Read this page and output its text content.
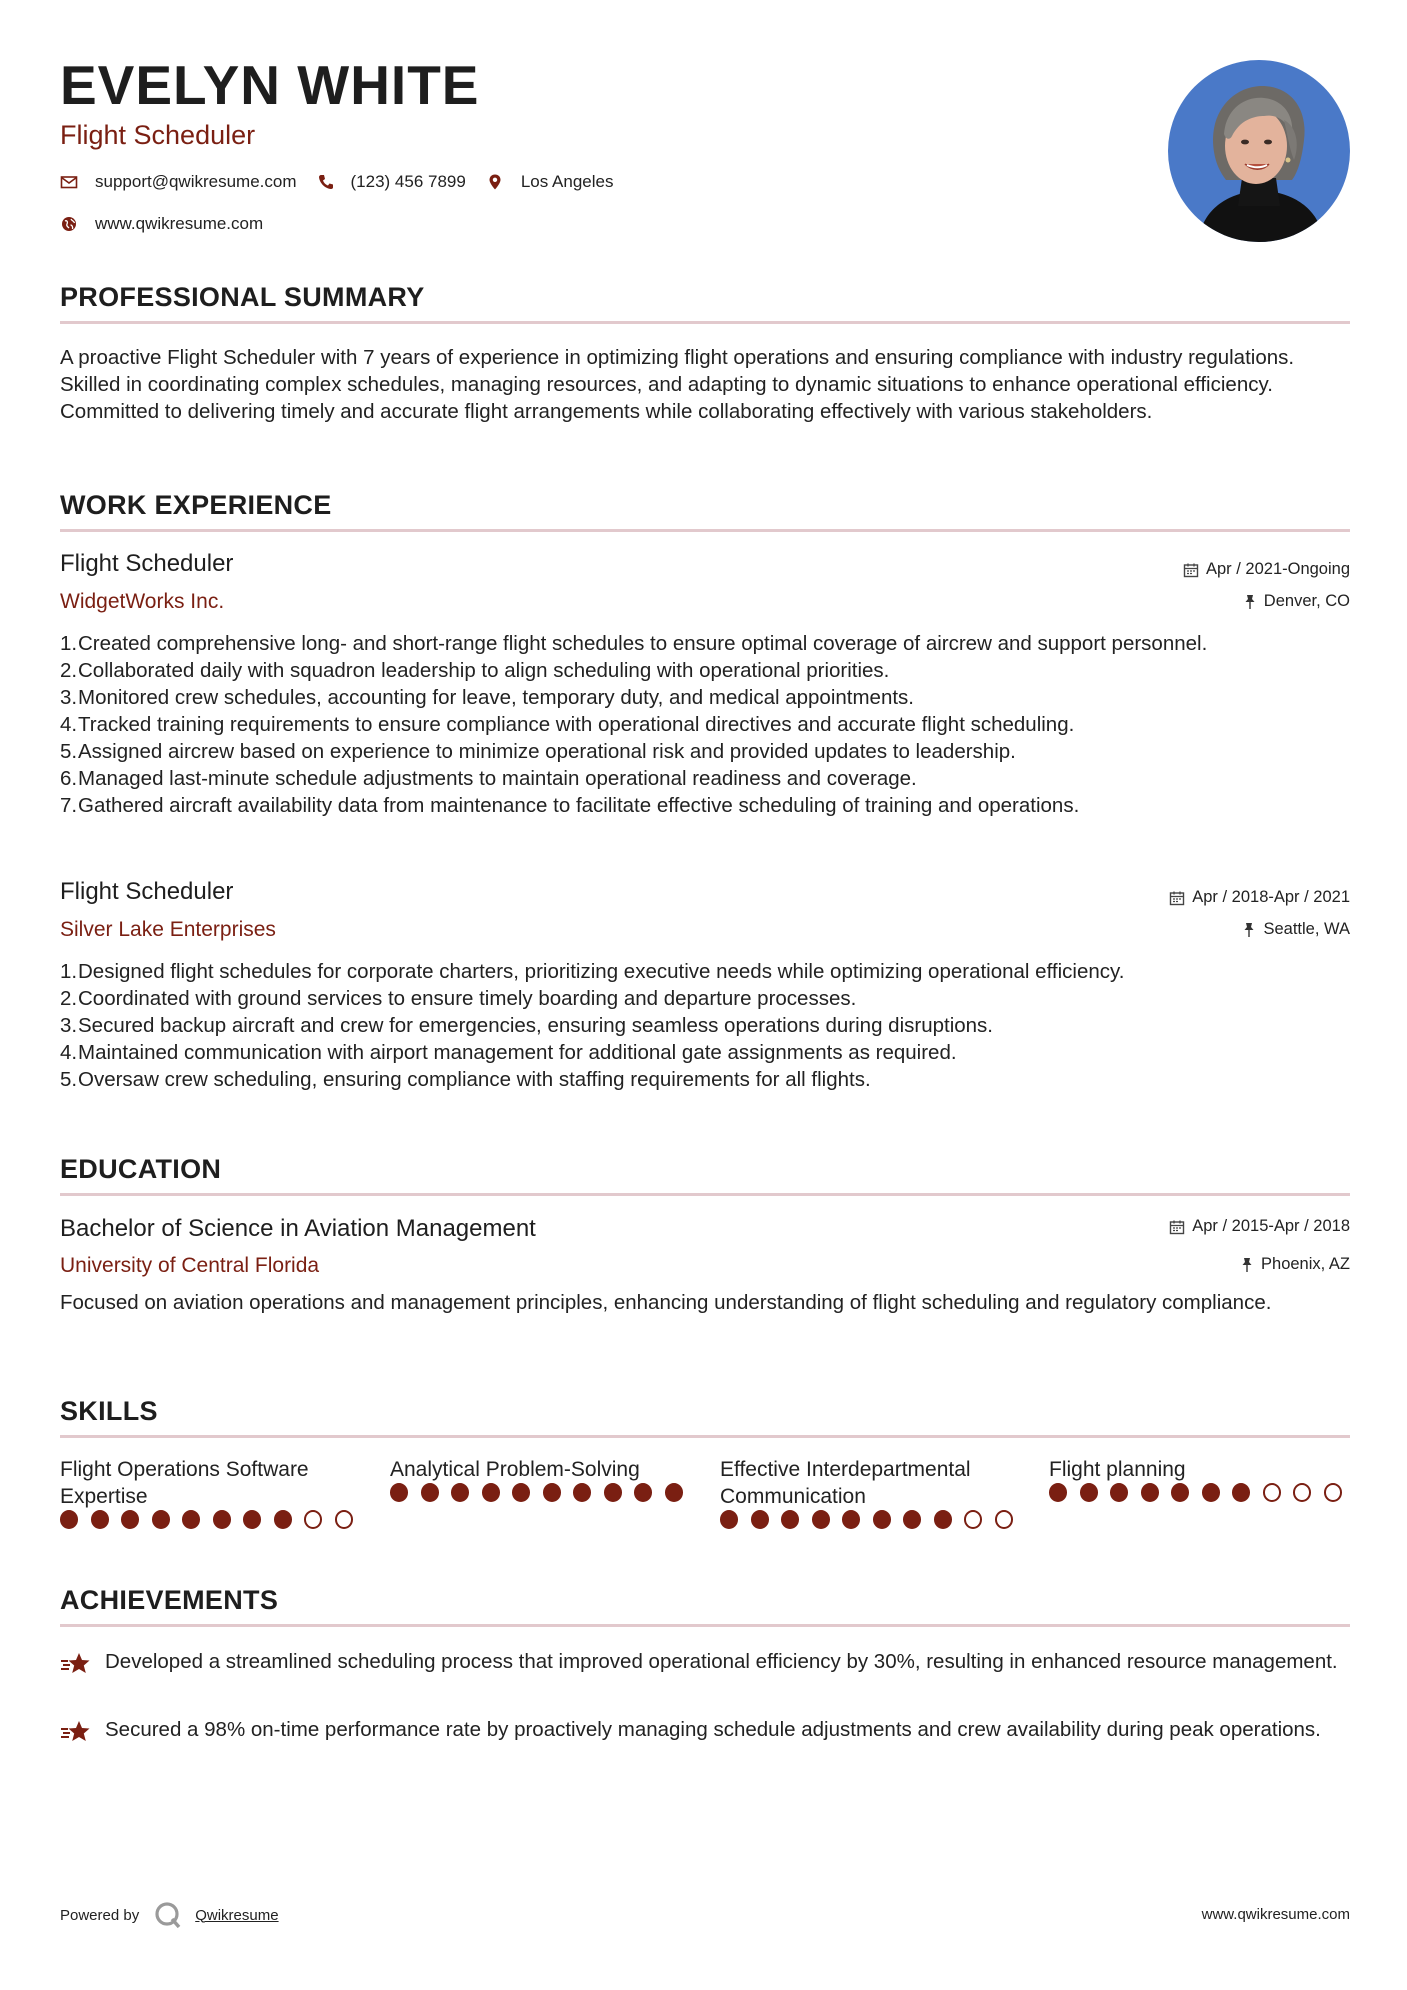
EVELYN WHITE
Flight Scheduler
support@qwikresume.com	(123) 456 7899	Los Angeles
www.qwikresume.com
PROFESSIONAL SUMMARY
A proactive Flight Scheduler with 7 years of experience in optimizing flight operations and ensuring compliance with industry regulations. Skilled in coordinating complex schedules, managing resources, and adapting to dynamic situations to enhance operational efficiency. Committed to delivering timely and accurate flight arrangements while collaborating effectively with various stakeholders.
WORK EXPERIENCE
Flight Scheduler
WidgetWorks Inc.
Apr / 2021-Ongoing
Denver, CO
1. Created comprehensive long- and short-range flight schedules to ensure optimal coverage of aircrew and support personnel.
2. Collaborated daily with squadron leadership to align scheduling with operational priorities.
3. Monitored crew schedules, accounting for leave, temporary duty, and medical appointments.
4. Tracked training requirements to ensure compliance with operational directives and accurate flight scheduling.
5. Assigned aircrew based on experience to minimize operational risk and provided updates to leadership.
6. Managed last-minute schedule adjustments to maintain operational readiness and coverage.
7. Gathered aircraft availability data from maintenance to facilitate effective scheduling of training and operations.
Flight Scheduler
Silver Lake Enterprises
Apr / 2018-Apr / 2021
Seattle, WA
1. Designed flight schedules for corporate charters, prioritizing executive needs while optimizing operational efficiency.
2. Coordinated with ground services to ensure timely boarding and departure processes.
3. Secured backup aircraft and crew for emergencies, ensuring seamless operations during disruptions.
4. Maintained communication with airport management for additional gate assignments as required.
5. Oversaw crew scheduling, ensuring compliance with staffing requirements for all flights.
EDUCATION
Bachelor of Science in Aviation Management
University of Central Florida
Apr / 2015-Apr / 2018
Phoenix, AZ
Focused on aviation operations and management principles, enhancing understanding of flight scheduling and regulatory compliance.
SKILLS
Flight Operations Software Expertise
Analytical Problem-Solving	Effective Interdepartmental Communication
Flight planning
ACHIEVEMENTS
Developed a streamlined scheduling process that improved operational efficiency by 30%, resulting in enhanced resource management.
Secured a 98% on-time performance rate by proactively managing schedule adjustments and crew availability during peak operations.
Powered by	Qwikresume	www.qwikresume.com
